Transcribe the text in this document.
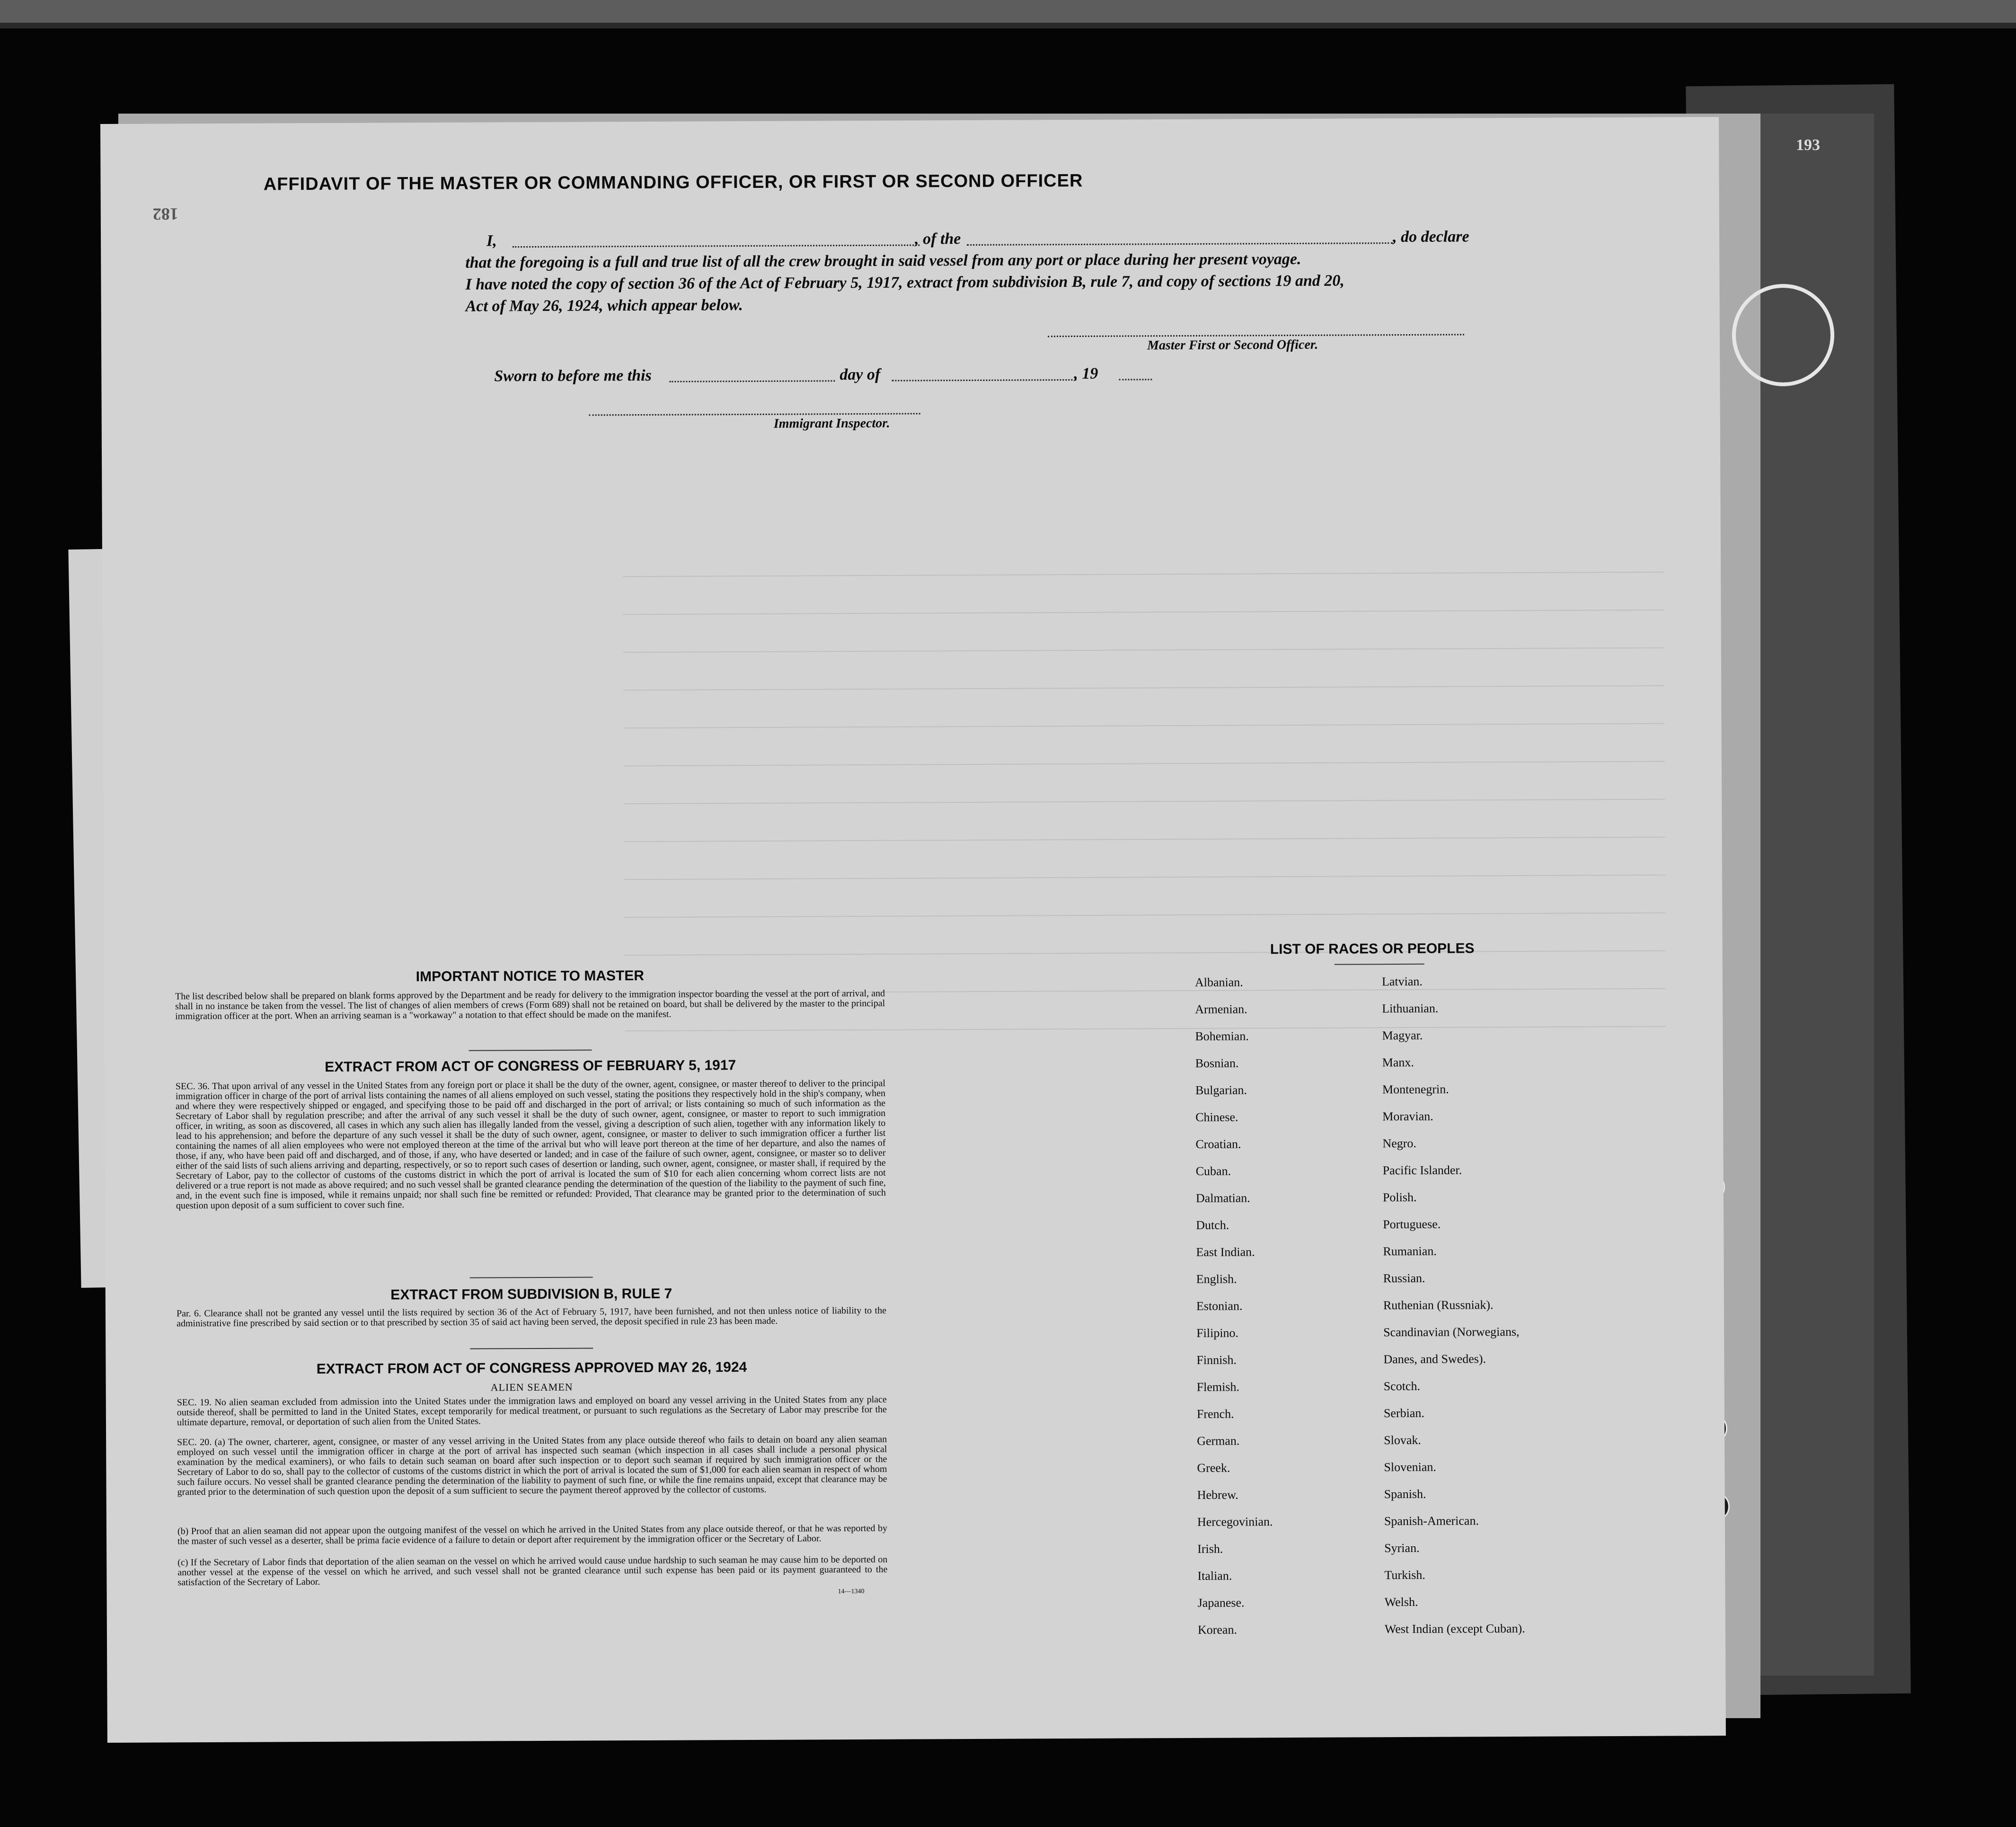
193
182
AFFIDAVIT OF THE MASTER OR COMMANDING OFFICER, OR FIRST OR SECOND OFFICER
I,	, of the	, do declare
that the foregoing is a full and true list of all the crew brought in said vessel from any port or place during her present voyage.
I have noted the copy of section 36 of the Act of February 5, 1917, extract from subdivision B, rule 7, and copy of sections 19 and 20,
Act of May 26, 1924, which appear below.
Master First or Second Officer.
Sworn to before me this	day of	, 19
Immigrant Inspector.
IMPORTANT NOTICE TO MASTER
The list described below shall be prepared on blank forms approved by the Department and be ready for delivery to the immigration inspector boarding the vessel at the port of arrival, and shall in no instance be taken from the vessel. The list of changes of alien members of crews (Form 689) shall not be retained on board, but shall be delivered by the master to the principal immigration officer at the port. When an arriving seaman is a "workaway" a notation to that effect should be made on the manifest.
EXTRACT FROM ACT OF CONGRESS OF FEBRUARY 5, 1917
SEC. 36. That upon arrival of any vessel in the United States from any foreign port or place it shall be the duty of the owner, agent, consignee, or master thereof to deliver to the principal immigration officer in charge of the port of arrival lists containing the names of all aliens employed on such vessel, stating the positions they respectively hold in the ship's company, when and where they were respectively shipped or engaged, and specifying those to be paid off and discharged in the port of arrival; or lists containing so much of such information as the Secretary of Labor shall by regulation prescribe; and after the arrival of any such vessel it shall be the duty of such owner, agent, consignee, or master to report to such immigration officer, in writing, as soon as discovered, all cases in which any such alien has illegally landed from the vessel, giving a description of such alien, together with any information likely to lead to his apprehension; and before the departure of any such vessel it shall be the duty of such owner, agent, consignee, or master to deliver to such immigration officer a further list containing the names of all alien employees who were not employed thereon at the time of the arrival but who will leave port thereon at the time of her departure, and also the names of those, if any, who have been paid off and discharged, and of those, if any, who have deserted or landed; and in case of the failure of such owner, agent, consignee, or master so to deliver either of the said lists of such aliens arriving and departing, respectively, or so to report such cases of desertion or landing, such owner, agent, consignee, or master shall, if required by the Secretary of Labor, pay to the collector of customs of the customs district in which the port of arrival is located the sum of $10 for each alien concerning whom correct lists are not delivered or a true report is not made as above required; and no such vessel shall be granted clearance pending the determination of the question of the liability to the payment of such fine, and, in the event such fine is imposed, while it remains unpaid; nor shall such fine be remitted or refunded: Provided, That clearance may be granted prior to the determination of such question upon deposit of a sum sufficient to cover such fine.
EXTRACT FROM SUBDIVISION B, RULE 7
Par. 6. Clearance shall not be granted any vessel until the lists required by section 36 of the Act of February 5, 1917, have been furnished, and not then unless notice of liability to the administrative fine prescribed by said section or to that prescribed by section 35 of said act having been served, the deposit specified in rule 23 has been made.
EXTRACT FROM ACT OF CONGRESS APPROVED MAY 26, 1924
ALIEN SEAMEN
SEC. 19. No alien seaman excluded from admission into the United States under the immigration laws and employed on board any vessel arriving in the United States from any place outside thereof, shall be permitted to land in the United States, except temporarily for medical treatment, or pursuant to such regulations as the Secretary of Labor may prescribe for the ultimate departure, removal, or deportation of such alien from the United States.
SEC. 20. (a) The owner, charterer, agent, consignee, or master of any vessel arriving in the United States from any place outside thereof who fails to detain on board any alien seaman employed on such vessel until the immigration officer in charge at the port of arrival has inspected such seaman (which inspection in all cases shall include a personal physical examination by the medical examiners), or who fails to detain such seaman on board after such inspection or to deport such seaman if required by such immigration officer or the Secretary of Labor to do so, shall pay to the collector of customs of the customs district in which the port of arrival is located the sum of $1,000 for each alien seaman in respect of whom such failure occurs. No vessel shall be granted clearance pending the determination of the liability to payment of such fine, or while the fine remains unpaid, except that clearance may be granted prior to the determination of such question upon the deposit of a sum sufficient to secure the payment thereof approved by the collector of customs.
(b) Proof that an alien seaman did not appear upon the outgoing manifest of the vessel on which he arrived in the United States from any place outside thereof, or that he was reported by the master of such vessel as a deserter, shall be prima facie evidence of a failure to detain or deport after requirement by the immigration officer or the Secretary of Labor.
(c) If the Secretary of Labor finds that deportation of the alien seaman on the vessel on which he arrived would cause undue hardship to such seaman he may cause him to be deported on another vessel at the expense of the vessel on which he arrived, and such vessel shall not be granted clearance until such expense has been paid or its payment guaranteed to the satisfaction of the Secretary of Labor.
14—1340
LIST OF RACES OR PEOPLES
Albanian.
Armenian.
Bohemian.
Bosnian.
Bulgarian.
Chinese.
Croatian.
Cuban.
Dalmatian.
Dutch.
East Indian.
English.
Estonian.
Filipino.
Finnish.
Flemish.
French.
German.
Greek.
Hebrew.
Hercegovinian.
Irish.
Italian.
Japanese.
Korean.
Latvian.
Lithuanian.
Magyar.
Manx.
Montenegrin.
Moravian.
Negro.
Pacific Islander.
Polish.
Portuguese.
Rumanian.
Russian.
Ruthenian (Russniak).
Scandinavian (Norwegians,
Danes, and Swedes).
Scotch.
Serbian.
Slovak.
Slovenian.
Spanish.
Spanish-American.
Syrian.
Turkish.
Welsh.
West Indian (except Cuban).
